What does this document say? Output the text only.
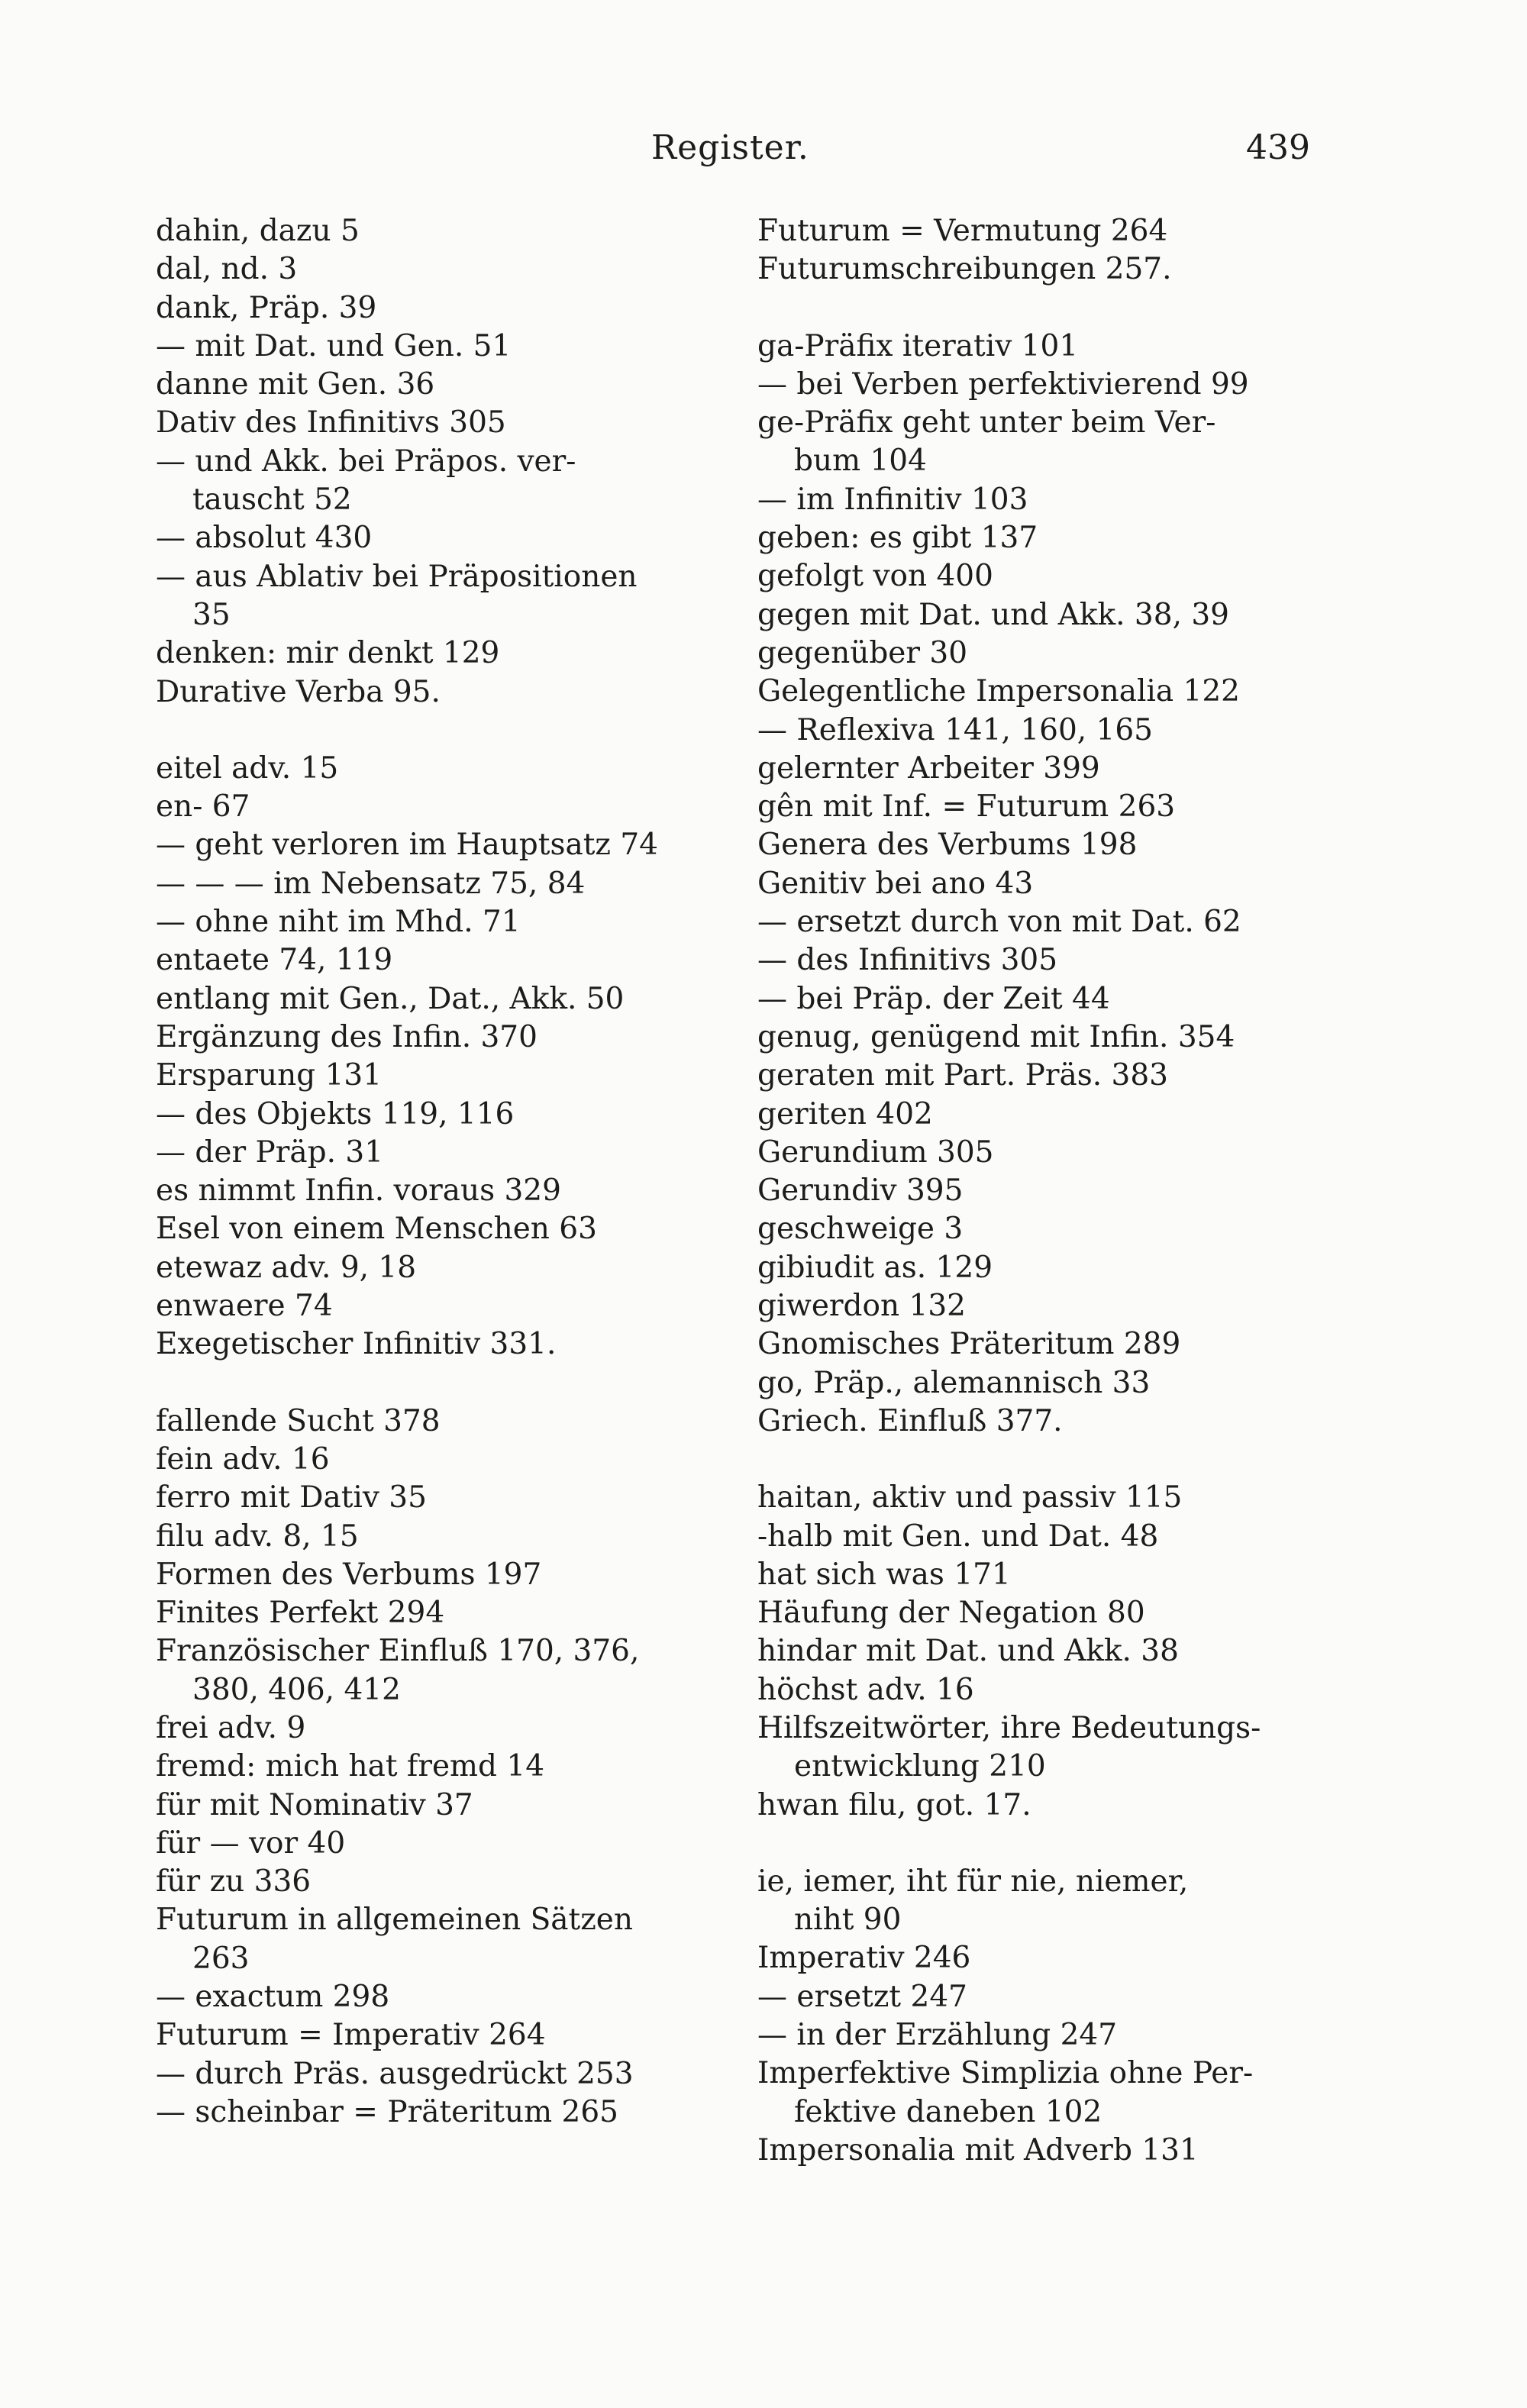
Register.	439
dahin, dazu 5
dal, nd. 3
dank, Präp. 39
— mit Dat. und Gen. 51
danne mit Gen. 36
Dativ des Infinitivs 305
— und Akk. bei Präpos. ver-
tauscht 52
— absolut 430
— aus Ablativ bei Präpositionen
35
denken: mir denkt 129
Durative Verba 95.
eitel adv. 15
en- 67
— geht verloren im Hauptsatz 74
— — — im Nebensatz 75, 84
— ohne niht im Mhd. 71
entaete 74, 119
entlang mit Gen., Dat., Akk. 50
Ergänzung des Infin. 370
Ersparung 131
— des Objekts 119, 116
— der Präp. 31
es nimmt Infin. voraus 329
Esel von einem Menschen 63
etewaz adv. 9, 18
enwaere 74
Exegetischer Infinitiv 331.
fallende Sucht 378
fein adv. 16
ferro mit Dativ 35
filu adv. 8, 15
Formen des Verbums 197
Finites Perfekt 294
Französischer Einfluß 170, 376,
380, 406, 412
frei adv. 9
fremd: mich hat fremd 14
für mit Nominativ 37
für — vor 40
für zu 336
Futurum in allgemeinen Sätzen
263
— exactum 298
Futurum = Imperativ 264
— durch Präs. ausgedrückt 253
— scheinbar = Präteritum 265
Futurum = Vermutung 264
Futurumschreibungen 257.
ga-Präfix iterativ 101
— bei Verben perfektivierend 99
ge-Präfix geht unter beim Ver-
bum 104
— im Infinitiv 103
geben: es gibt 137
gefolgt von 400
gegen mit Dat. und Akk. 38, 39
gegenüber 30
Gelegentliche Impersonalia 122
— Reflexiva 141, 160, 165
gelernter Arbeiter 399
gên mit Inf. = Futurum 263
Genera des Verbums 198
Genitiv bei ano 43
— ersetzt durch von mit Dat. 62
— des Infinitivs 305
— bei Präp. der Zeit 44
genug, genügend mit Infin. 354
geraten mit Part. Präs. 383
geriten 402
Gerundium 305
Gerundiv 395
geschweige 3
gibiudit as. 129
giwerdon 132
Gnomisches Präteritum 289
go, Präp., alemannisch 33
Griech. Einfluß 377.
haitan, aktiv und passiv 115
-halb mit Gen. und Dat. 48
hat sich was 171
Häufung der Negation 80
hindar mit Dat. und Akk. 38
höchst adv. 16
Hilfszeitwörter, ihre Bedeutungs-
entwicklung 210
hwan filu, got. 17.
ie, iemer, iht für nie, niemer,
niht 90
Imperativ 246
— ersetzt 247
— in der Erzählung 247
Imperfektive Simplizia ohne Per-
fektive daneben 102
Impersonalia mit Adverb 131
